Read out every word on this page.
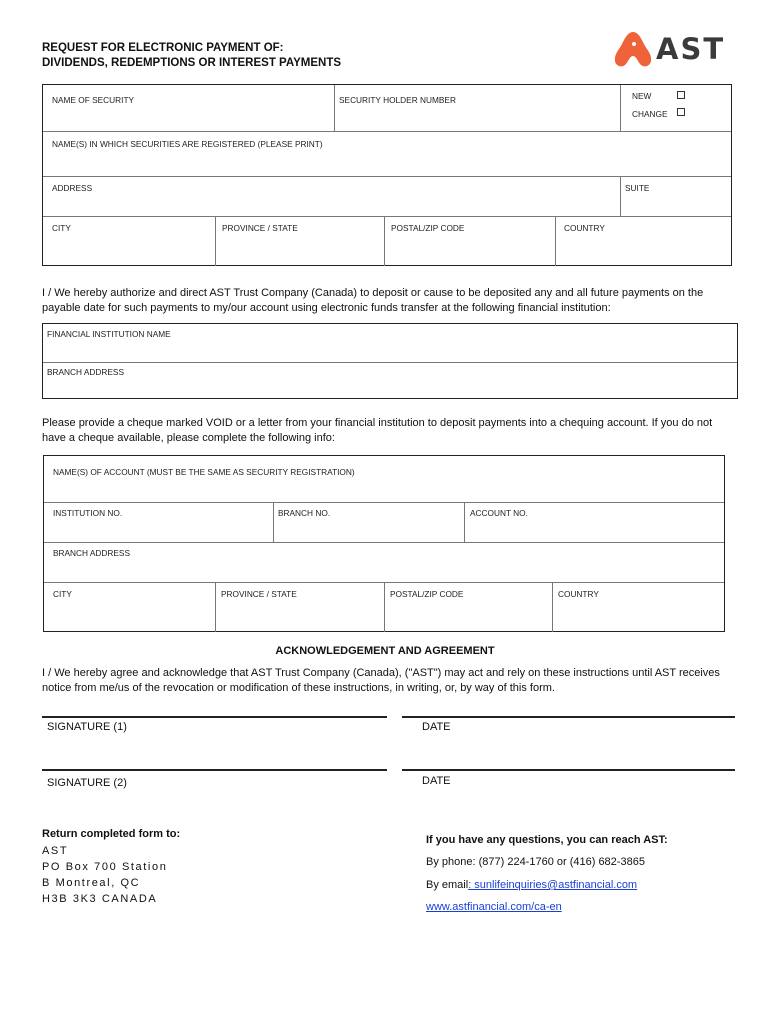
REQUEST FOR ELECTRONIC PAYMENT OF:
DIVIDENDS, REDEMPTIONS OR INTEREST PAYMENTS	AST
NAME OF SECURITY	SECURITY HOLDER NUMBER	NEW
CHANGE
NAME(S) IN WHICH SECURITIES ARE REGISTERED (PLEASE PRINT)
ADDRESS	SUITE
CITY	PROVINCE / STATE	POSTAL/ZIP CODE	COUNTRY
I / We hereby authorize and direct AST Trust Company (Canada) to deposit or cause to be deposited any and all future payments on the payable date for such payments to my/our account using electronic funds transfer at the following financial institution:
FINANCIAL INSTITUTION NAME
BRANCH ADDRESS
Please provide a cheque marked VOID or a letter from your financial institution to deposit payments into a chequing account. If you do not have a cheque available, please complete the following info:
NAME(S) OF ACCOUNT (MUST BE THE SAME AS SECURITY REGISTRATION)
INSTITUTION NO.	BRANCH NO.	ACCOUNT NO.
BRANCH ADDRESS
CITY	PROVINCE / STATE	POSTAL/ZIP CODE	COUNTRY
ACKNOWLEDGEMENT AND AGREEMENT
I / We hereby agree and acknowledge that AST Trust Company (Canada), ("AST") may act and rely on these instructions until AST receives notice from me/us of the revocation or modification of these instructions, in writing, or, by way of this form.
SIGNATURE (1)	DATE
SIGNATURE (2)	DATE
Return completed form to:
AST
PO Box 700 Station
B Montreal, QC
H3B 3K3 CANADA
If you have any questions, you can reach AST:
By phone: (877) 224-1760 or (416) 682-3865
By email: sunlifeinquiries@astfinancial.com
www.astfinancial.com/ca-en
